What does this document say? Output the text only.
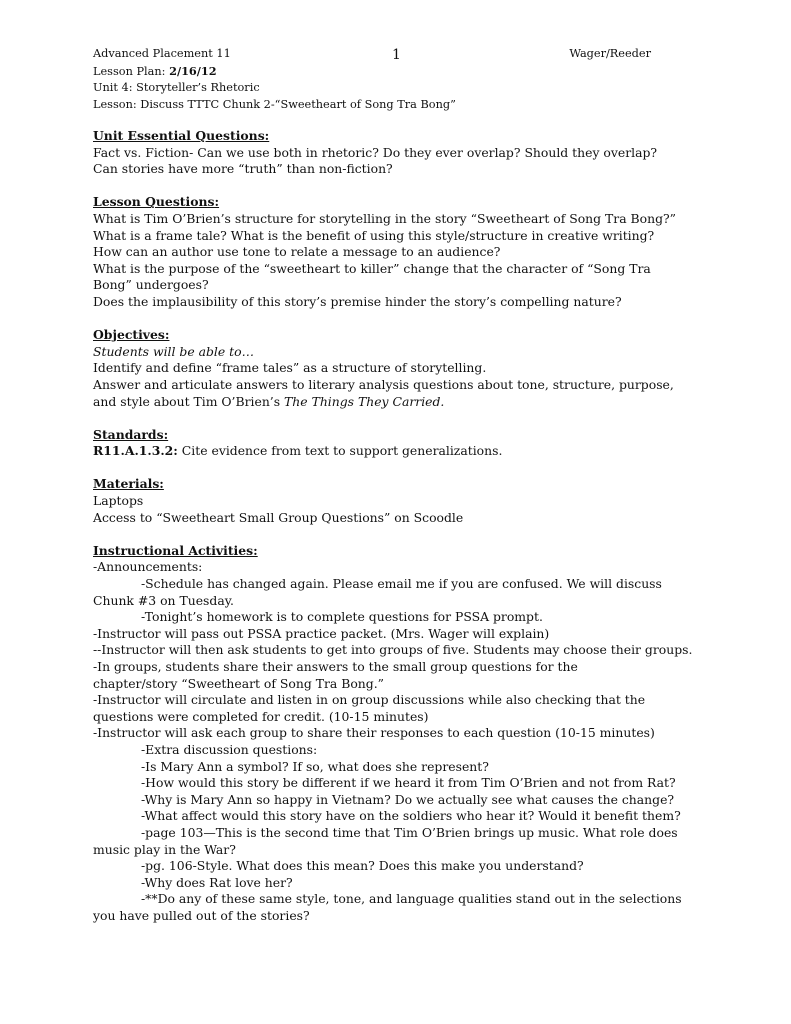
Advanced Placement 11
Lesson Plan: 2/16/12
Unit 4: Storyteller’s Rhetoric
Lesson: Discuss TTTC Chunk 2-“Sweetheart of Song Tra Bong”
1	Wager/Reeder
Unit Essential Questions:
Fact vs. Fiction- Can we use both in rhetoric? Do they ever overlap? Should they overlap?
Can stories have more “truth” than non-fiction?
Lesson Questions:
What is Tim O’Brien’s structure for storytelling in the story “Sweetheart of Song Tra Bong?”
What is a frame tale? What is the benefit of using this style/structure in creative writing?
How can an author use tone to relate a message to an audience?
What is the purpose of the “sweetheart to killer” change that the character of “Song Tra Bong” undergoes?
Does the implausibility of this story’s premise hinder the story’s compelling nature?
Objectives:
Students will be able to…
Identify and define “frame tales” as a structure of storytelling.
Answer and articulate answers to literary analysis questions about tone, structure, purpose, and style about Tim O’Brien’s The Things They Carried.
Standards:
R11.A.1.3.2: Cite evidence from text to support generalizations.
Materials:
Laptops
Access to “Sweetheart Small Group Questions” on Scoodle
Instructional Activities:
-Announcements:
-Schedule has changed again. Please email me if you are confused. We will discuss Chunk #3 on Tuesday.
-Tonight’s homework is to complete questions for PSSA prompt.
-Instructor will pass out PSSA practice packet. (Mrs. Wager will explain)
--Instructor will then ask students to get into groups of five. Students may choose their groups.
-In groups, students share their answers to the small group questions for the chapter/story “Sweetheart of Song Tra Bong.”
-Instructor will circulate and listen in on group discussions while also checking that the questions were completed for credit. (10-15 minutes)
-Instructor will ask each group to share their responses to each question (10-15 minutes)
-Extra discussion questions:
-Is Mary Ann a symbol? If so, what does she represent?
-How would this story be different if we heard it from Tim O’Brien and not from Rat?
-Why is Mary Ann so happy in Vietnam? Do we actually see what causes the change?
-What affect would this story have on the soldiers who hear it? Would it benefit them?
-page 103—This is the second time that Tim O’Brien brings up music. What role does music play in the War?
-pg. 106-Style. What does this mean? Does this make you understand?
-Why does Rat love her?
-**Do any of these same style, tone, and language qualities stand out in the selections you have pulled out of the stories?
